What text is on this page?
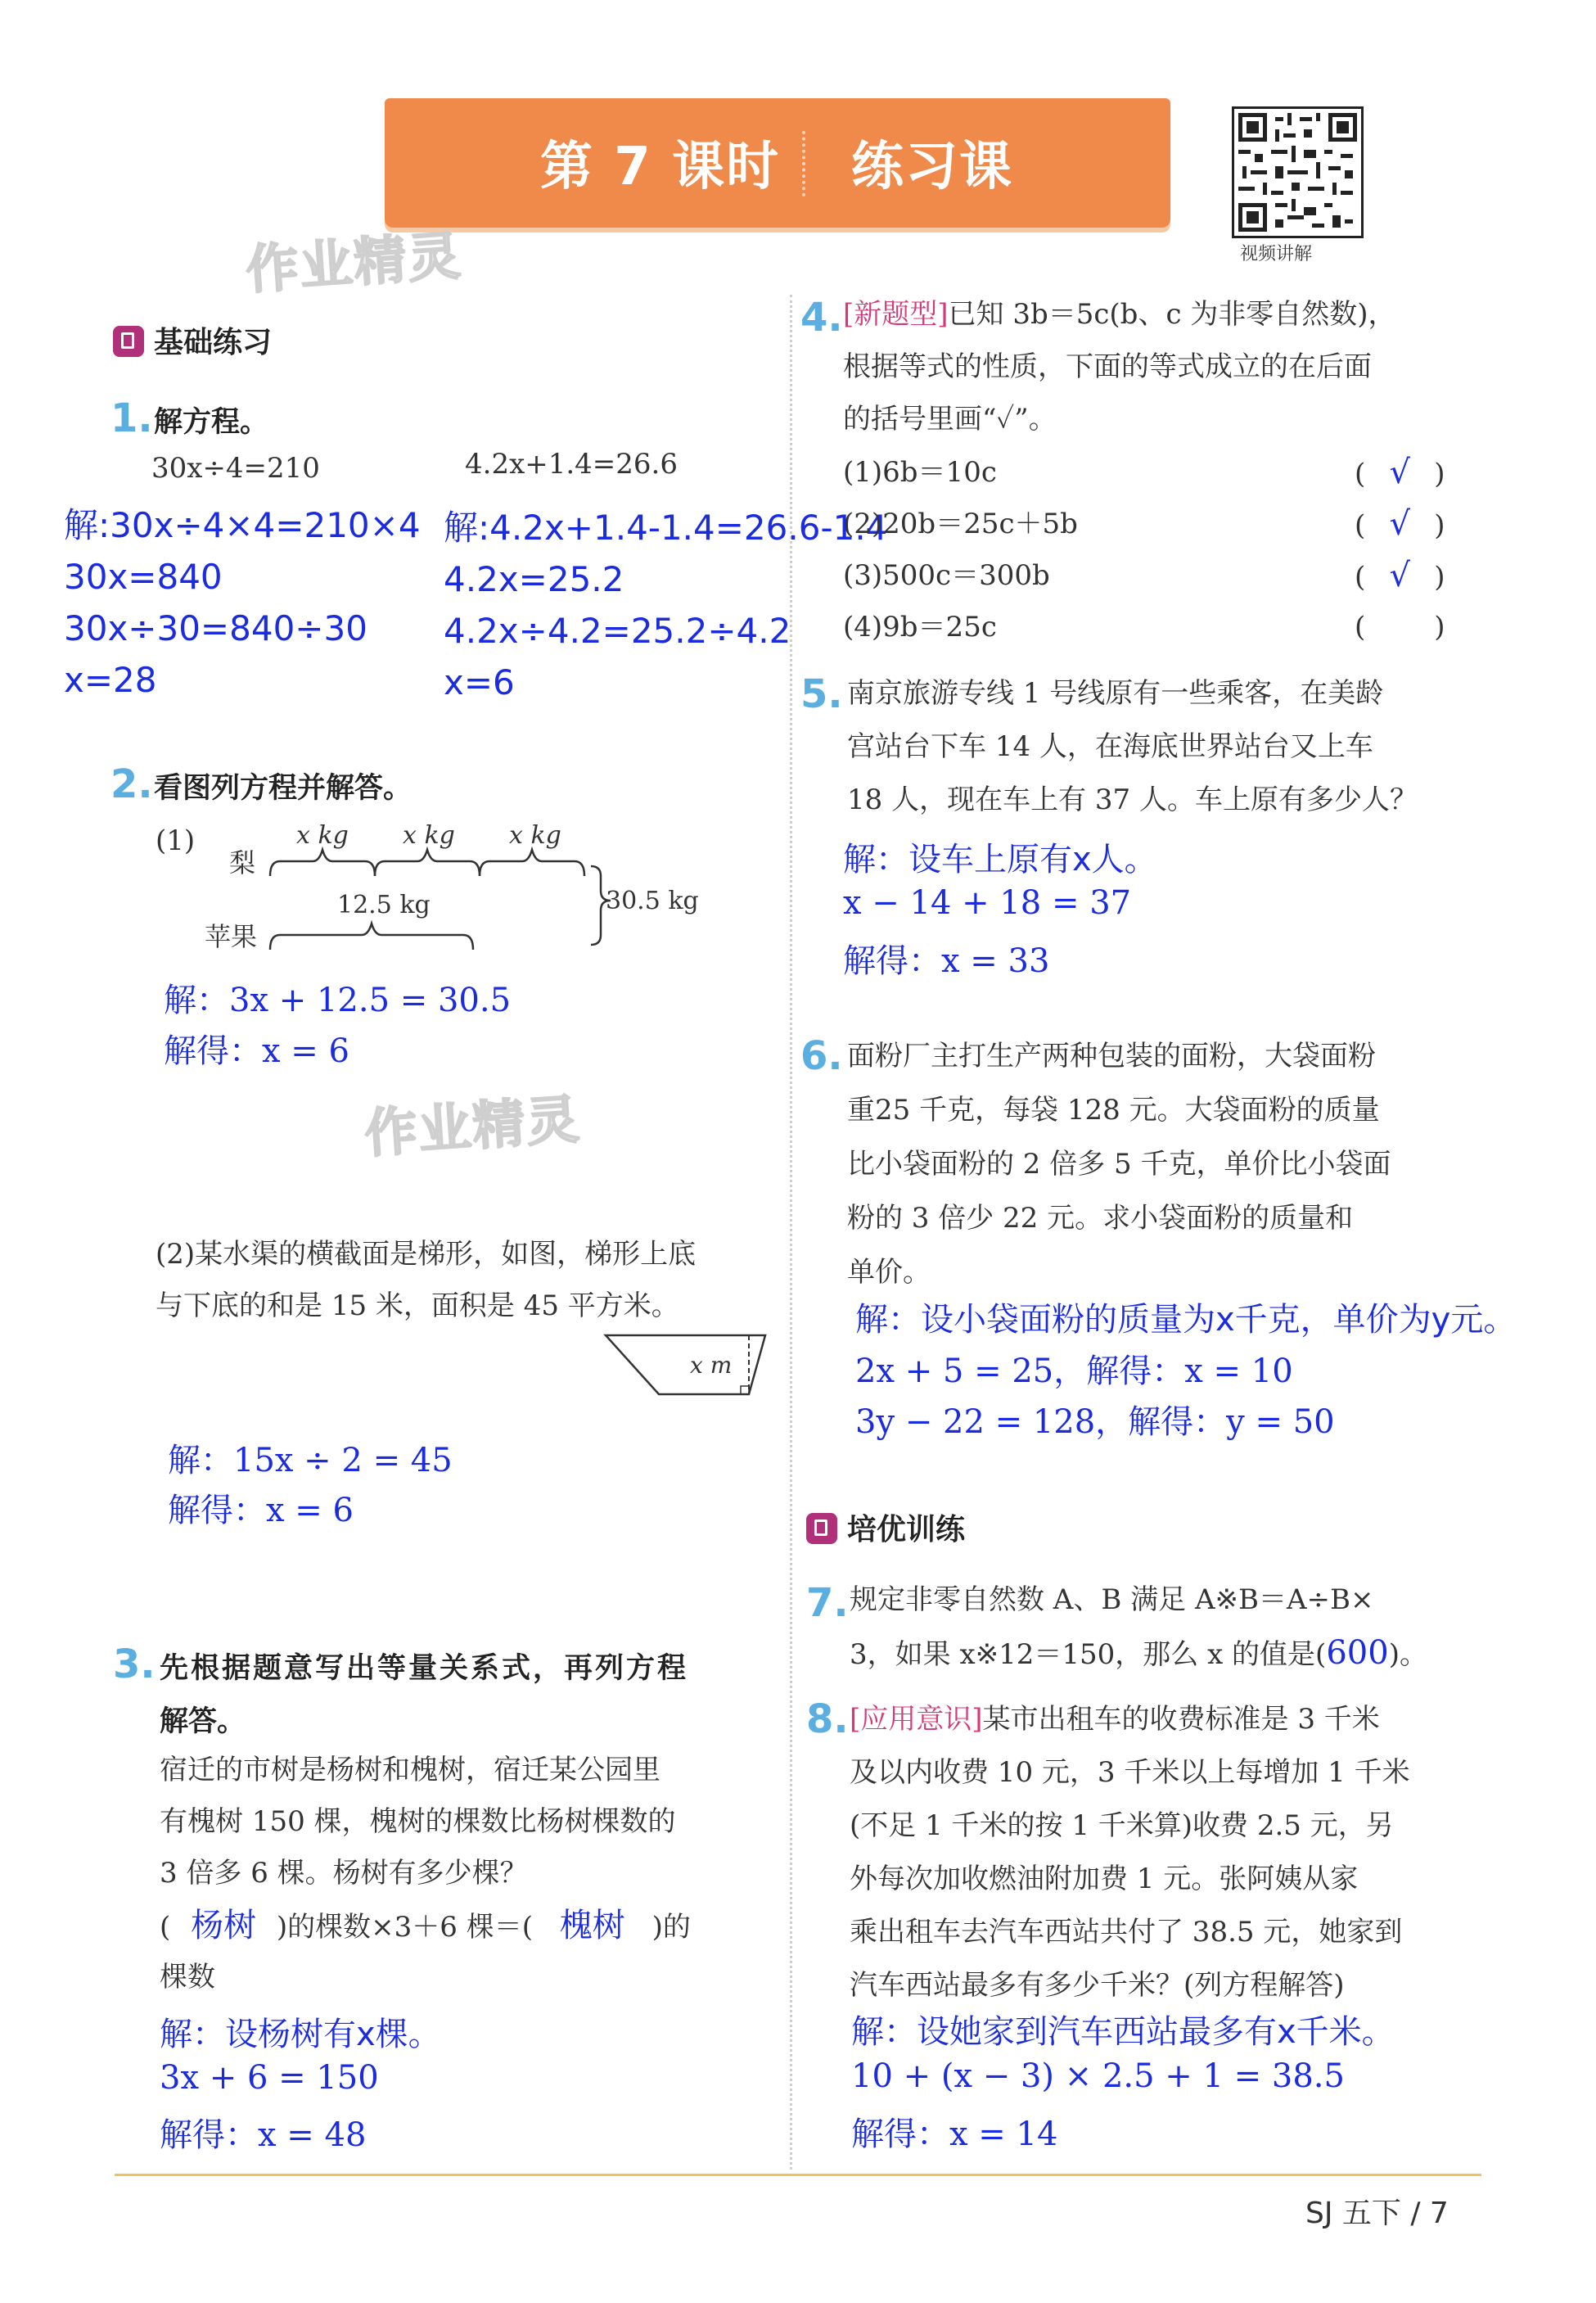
第 7 课时 练习课
视频讲解
作业精灵
作业精灵
基础练习
1. 解方程。
30x÷4=210	4.2x+1.4=26.6
解:30x÷4×4=210×4
30x=840
30x÷30=840÷30
x=28
解:4.2x+1.4-1.4=26.6-1.4
4.2x=25.2
4.2x÷4.2=25.2÷4.2
x=6
2. 看图列方程并解答。
(1)	x kg x kg x kg
梨
12.5 kg	30.5 kg
苹果
解：3x + 12.5 = 30.5
解得：x = 6
(2)某水渠的横截面是梯形，如图，梯形上底
与下底的和是 15 米，面积是 45 平方米。
x m
解：15x ÷ 2 = 45
解得：x = 6
3. 先根据题意写出等量关系式，再列方程
解答。
宿迁的市树是杨树和槐树，宿迁某公园里
有槐树 150 棵，槐树的棵数比杨树棵数的
3 倍多 6 棵。杨树有多少棵？
( 杨树 )的棵数×3＋6 棵＝( 槐树 )的
棵数
解：设杨树有x棵。
3x + 6 = 150
解得：x = 48
4. [新题型]已知 3b＝5c(b、c 为非零自然数)，
根据等式的性质，下面的等式成立的在后面
的括号里画“✓”。
(1)6b＝10c	( √ )
(2)20b＝25c＋5b	( √ )
(3)500c＝300b	( √ )
(4)9b＝25c	( )
5. 南京旅游专线 1 号线原有一些乘客，在美龄
宫站台下车 14 人，在海底世界站台又上车
18 人，现在车上有 37 人。车上原有多少人？
解：设车上原有x人。
x − 14 + 18 = 37
解得：x = 33
6. 面粉厂主打生产两种包装的面粉，大袋面粉
重25 千克，每袋 128 元。大袋面粉的质量
比小袋面粉的 2 倍多 5 千克，单价比小袋面
粉的 3 倍少 22 元。求小袋面粉的质量和
单价。
解：设小袋面粉的质量为x千克，单价为y元。
2x + 5 = 25，解得：x = 10
3y − 22 = 128，解得：y = 50
培优训练
7. 规定非零自然数 A、B 满足 A※B＝A÷B×
3，如果 x※12＝150，那么 x 的值是(600)。
8. [应用意识]某市出租车的收费标准是 3 千米
及以内收费 10 元，3 千米以上每增加 1 千米
(不足 1 千米的按 1 千米算)收费 2.5 元，另
外每次加收燃油附加费 1 元。张阿姨从家
乘出租车去汽车西站共付了 38.5 元，她家到
汽车西站最多有多少千米？(列方程解答)
解：设她家到汽车西站最多有x千米。
10 + (x − 3) × 2.5 + 1 = 38.5
解得：x = 14
SJ 五下 / 7
